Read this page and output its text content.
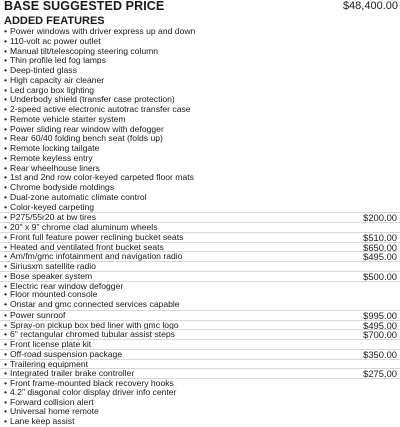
BASE SUGGESTED PRICE	$48,400.00
ADDED FEATURES
• Power windows with driver express up and down
• 110-volt ac power outlet
• Manual tilt/telescoping steering column
• Thin profile led fog lamps
• Deep-tinted glass
• High capacity air cleaner
• Led cargo box lighting
• Underbody shield (transfer case protection)
• 2-speed active electronic autotrac transfer case
• Remote vehicle starter system
• Power sliding rear window with defogger
• Rear 60/40 folding bench seat (folds up)
• Remote locking tailgate
• Remote keyless entry
• Rear wheelhouse liners
• 1st and 2nd row color-keyed carpeted floor mats
• Chrome bodyside moldings
• Dual-zone automatic climate control
• Color-keyed carpeting
• P275/55r20 at bw tires	$200.00
• 20" x 9" chrome clad aluminum wheels
• Front full feature power reclining bucket seats	$510.00
• Heated and ventilated front bucket seats	$650.00
• Am/fm/gmc infotainment and navigation radio	$495.00
• Siriusxm satellite radio
• Bose speaker system	$500.00
• Electric rear window defogger
• Floor mounted console
• Onstar and gmc connected services capable
• Power sunroof	$995.00
• Spray-on pickup box bed liner with gmc logo	$495.00
• 6" rectangular chromed tubular assist steps	$700.00
• Front license plate kit
• Off-road suspension package	$350.00
• Trailering equipment
• Integrated trailer brake controller	$275.00
• Front frame-mounted black recovery hooks
• 4.2" diagonal color display driver info center
• Forward collision alert
• Universal home remote
• Lane keep assist
